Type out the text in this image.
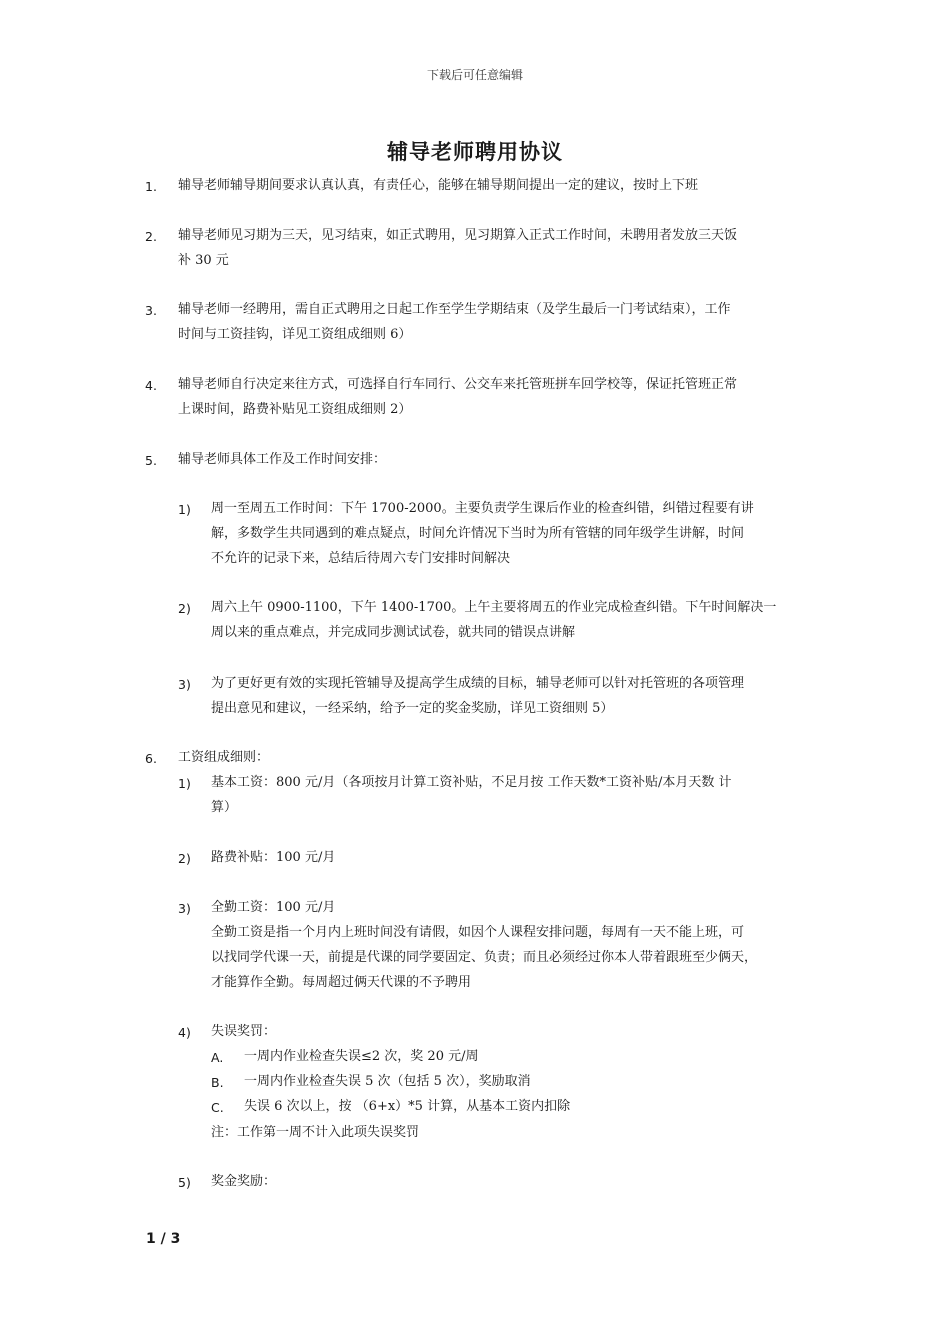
下载后可任意编辑
辅导老师聘用协议
1. 辅导老师辅导期间要求认真认真，有责任心，能够在辅导期间提出一定的建议，按时上下班
2. 辅导老师见习期为三天，见习结束，如正式聘用，见习期算入正式工作时间，未聘用者发放三天饭
补 30 元
3. 辅导老师一经聘用，需自正式聘用之日起工作至学生学期结束（及学生最后一门考试结束），工作
时间与工资挂钩，详见工资组成细则 6）
4. 辅导老师自行决定来往方式，可选择自行车同行、公交车来托管班拼车回学校等，保证托管班正常
上课时间，路费补贴见工资组成细则 2）
5. 辅导老师具体工作及工作时间安排：
1) 周一至周五工作时间：下午 1700-2000。主要负责学生课后作业的检查纠错，纠错过程要有讲
解，多数学生共同遇到的难点疑点，时间允许情况下当时为所有管辖的同年级学生讲解，时间
不允许的记录下来，总结后待周六专门安排时间解决
2) 周六上午 0900-1100，下午 1400-1700。上午主要将周五的作业完成检查纠错。下午时间解决一
周以来的重点难点，并完成同步测试试卷，就共同的错误点讲解
3) 为了更好更有效的实现托管辅导及提高学生成绩的目标，辅导老师可以针对托管班的各项管理
提出意见和建议，一经采纳，给予一定的奖金奖励，详见工资细则 5）
6. 工资组成细则：
1) 基本工资：800 元/月（各项按月计算工资补贴，不足月按 工作天数*工资补贴/本月天数 计
算）
2) 路费补贴：100 元/月
3) 全勤工资：100 元/月
全勤工资是指一个月内上班时间没有请假，如因个人课程安排问题，每周有一天不能上班，可
以找同学代课一天，前提是代课的同学要固定、负责；而且必须经过你本人带着跟班至少俩天，
才能算作全勤。每周超过俩天代课的不予聘用
4) 失误奖罚：
A. 一周内作业检查失误≤2 次，奖 20 元/周
B. 一周内作业检查失误 5 次（包括 5 次），奖励取消
C. 失误 6 次以上，按 （6+x）*5 计算，从基本工资内扣除
注：工作第一周不计入此项失误奖罚
5) 奖金奖励：
1 / 3
